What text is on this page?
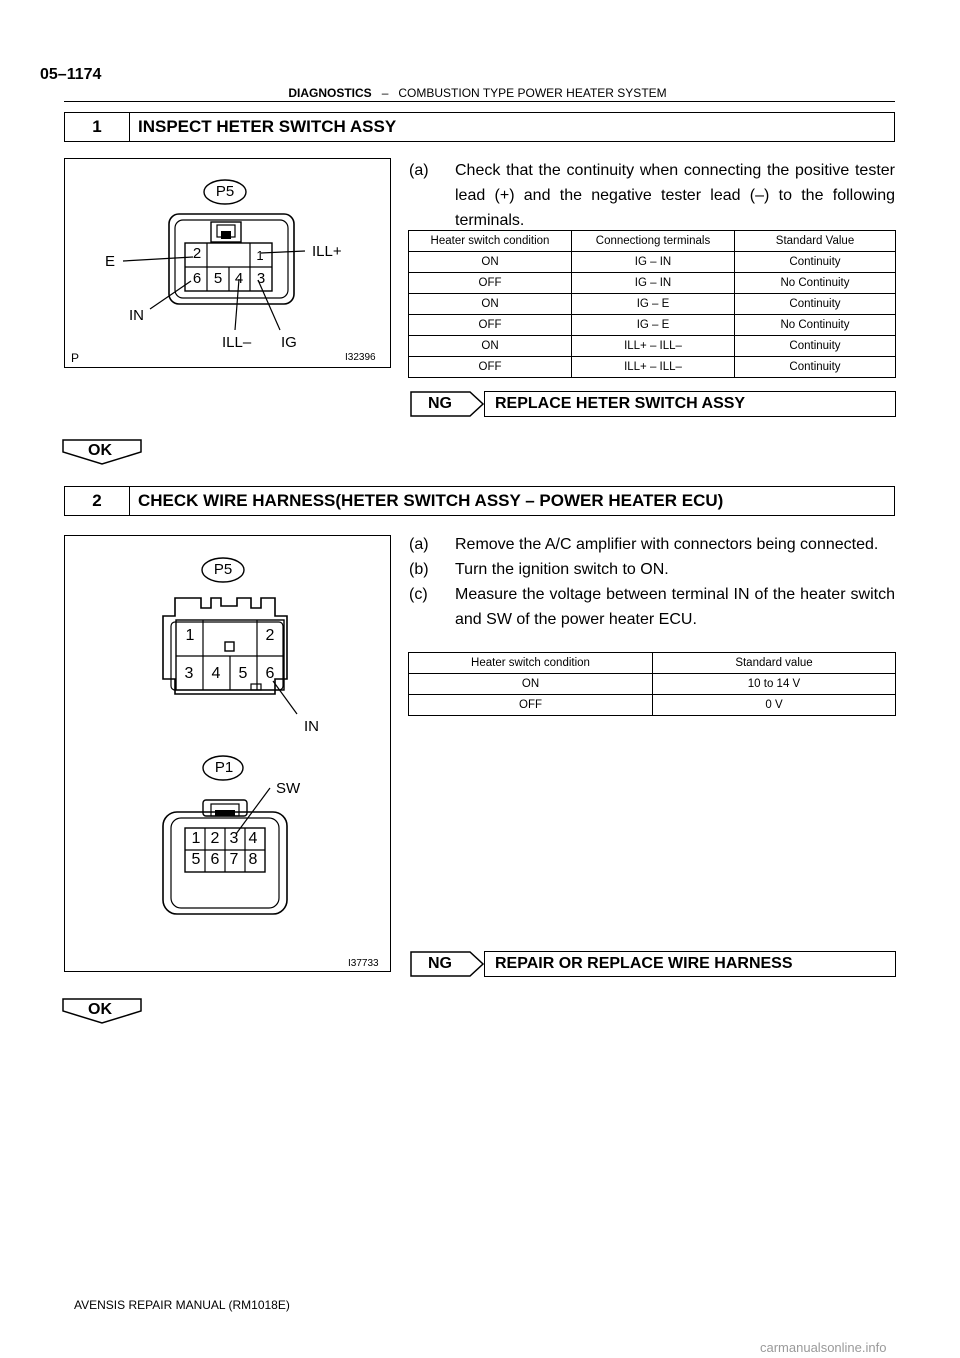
05–1174
DIAGNOSTICS – COMBUSTION TYPE POWER HEATER SYSTEM
1	INSPECT HETER SWITCH ASSY
P5
2	1
6 5 4 3
E
ILL+
IN
ILL– IG
P	I32396
(a)	Check that the continuity when connecting the positive tester lead (+) and the negative tester lead (–) to the following terminals.
Heater switch condition	Connectiong terminals	Standard Value
ON	IG – IN	Continuity
OFF	IG – IN	No Continuity
ON	IG – E	Continuity
OFF	IG – E	No Continuity
ON	ILL+ – ILL–	Continuity
OFF	ILL+ – ILL–	Continuity
NG	REPLACE HETER SWITCH ASSY
OK
2	CHECK WIRE HARNESS(HETER SWITCH ASSY – POWER HEATER ECU)
P5
1	2
3 4 5 6
IN
P1
SW
1 2 3 4
5 6 7 8
I37733
(a)	Remove the A/C amplifier with connectors being connected.
(b)	Turn the ignition switch to ON.
(c)	Measure the voltage between terminal IN of the heater switch and SW of the power heater ECU.
Heater switch condition	Standard value
ON	10 to 14 V
OFF	0 V
NG	REPAIR OR REPLACE WIRE HARNESS
OK
AVENSIS REPAIR MANUAL (RM1018E)
carmanualsonline.info
